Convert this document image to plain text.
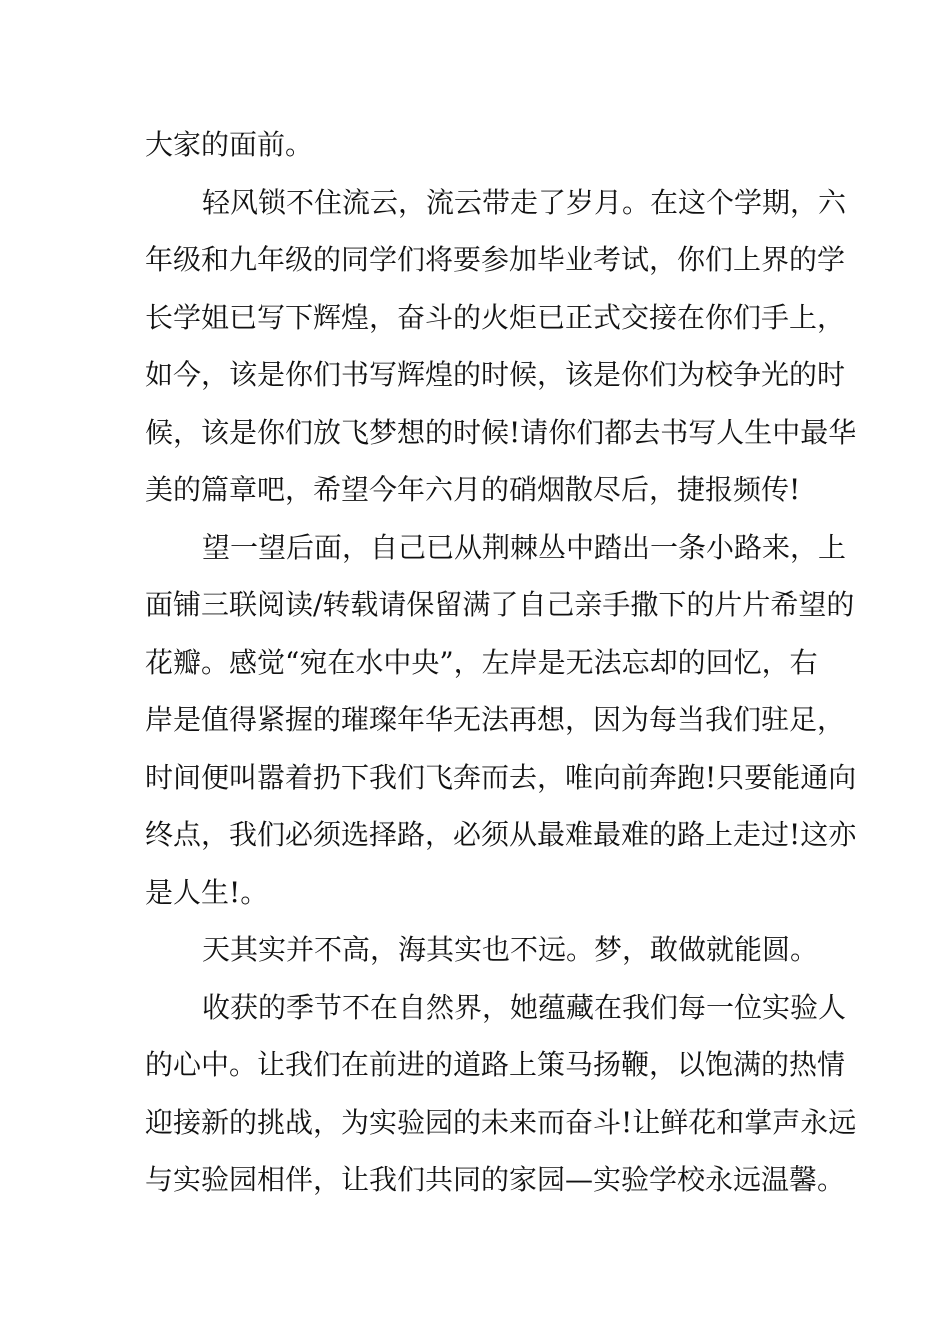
大家的面前。
轻风锁不住流云，流云带走了岁月。在这个学期，六
年级和九年级的同学们将要参加毕业考试，你们上界的学
长学姐已写下辉煌，奋斗的火炬已正式交接在你们手上，
如今，该是你们书写辉煌的时候，该是你们为校争光的时
候，该是你们放飞梦想的时候!请你们都去书写人生中最华
美的篇章吧，希望今年六月的硝烟散尽后，捷报频传!
望一望后面，自己已从荆棘丛中踏出一条小路来，上
面铺三联阅读/转载请保留满了自己亲手撒下的片片希望的
花瓣。感觉“宛在水中央”，左岸是无法忘却的回忆，右
岸是值得紧握的璀璨年华无法再想，因为每当我们驻足，
时间便叫嚣着扔下我们飞奔而去，唯向前奔跑!只要能通向
终点，我们必须选择路，必须从最难最难的路上走过!这亦
是人生!。
天其实并不高，海其实也不远。梦，敢做就能圆。
收获的季节不在自然界，她蕴藏在我们每一位实验人
的心中。让我们在前进的道路上策马扬鞭，以饱满的热情
迎接新的挑战，为实验园的未来而奋斗!让鲜花和掌声永远
与实验园相伴，让我们共同的家园—实验学校永远温馨。
